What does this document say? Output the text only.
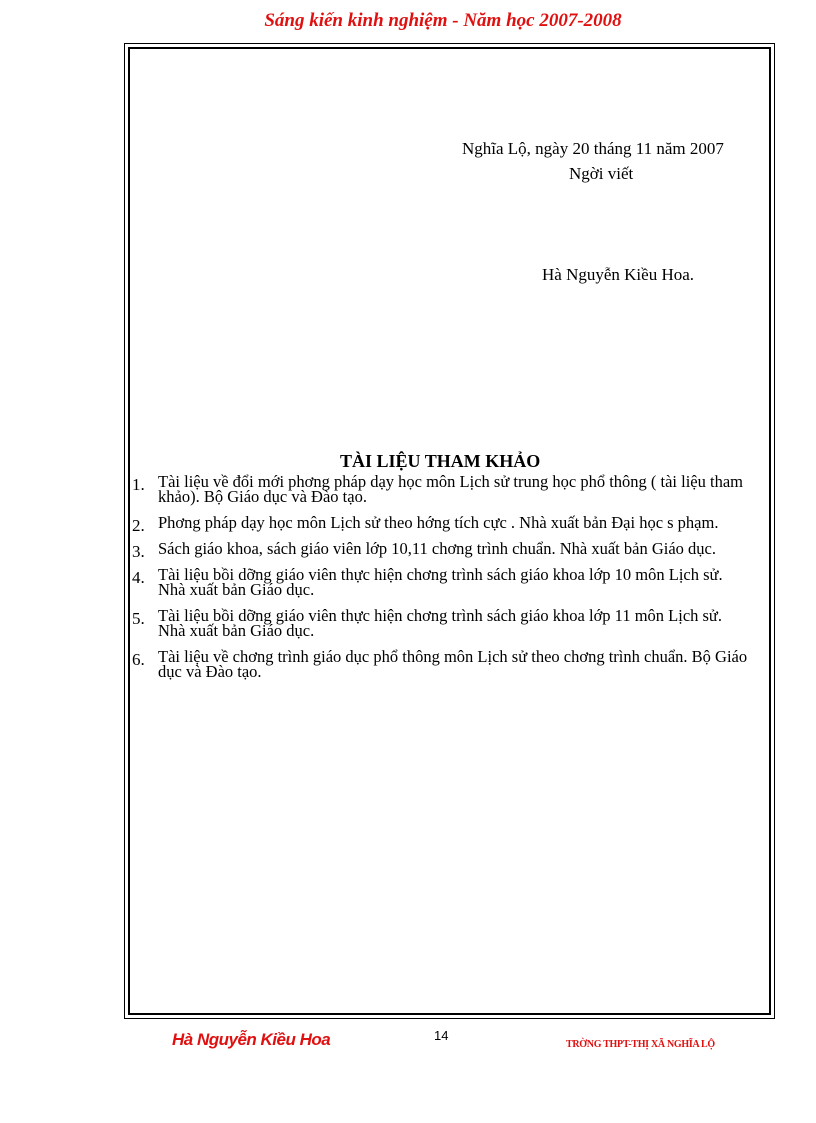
Sáng kiến kinh nghiệm - Năm học 2007-2008
Nghĩa Lộ, ngày 20 tháng 11 năm 2007
Ngời viết
Hà Nguyễn Kiều Hoa.
TÀI LIỆU THAM KHẢO
1. Tài liệu về đổi mới phơng pháp dạy học môn Lịch sử trung học phổ thông ( tài liệu tham khảo). Bộ Giáo dục và Đào tạo.
2. Phơng pháp dạy học môn Lịch sử theo hớng tích cực . Nhà xuất bản Đại học s phạm.
3. Sách giáo khoa, sách giáo viên lớp 10,11 chơng trình chuẩn. Nhà xuất bản Giáo dục.
4. Tài liệu bồi dỡng giáo viên thực hiện chơng trình sách giáo khoa lớp 10 môn Lịch sử. Nhà xuất bản Giáo dục.
5. Tài liệu bồi dỡng giáo viên thực hiện chơng trình sách giáo khoa lớp 11 môn Lịch sử. Nhà xuất bản Giáo dục.
6. Tài liệu về chơng trình giáo dục phổ thông môn Lịch sử theo chơng trình chuẩn. Bộ Giáo dục và Đào tạo.
Hà Nguyễn Kiều Hoa	14
TRỜNG THPT-THỊ XÃ NGHĨA LỘ
